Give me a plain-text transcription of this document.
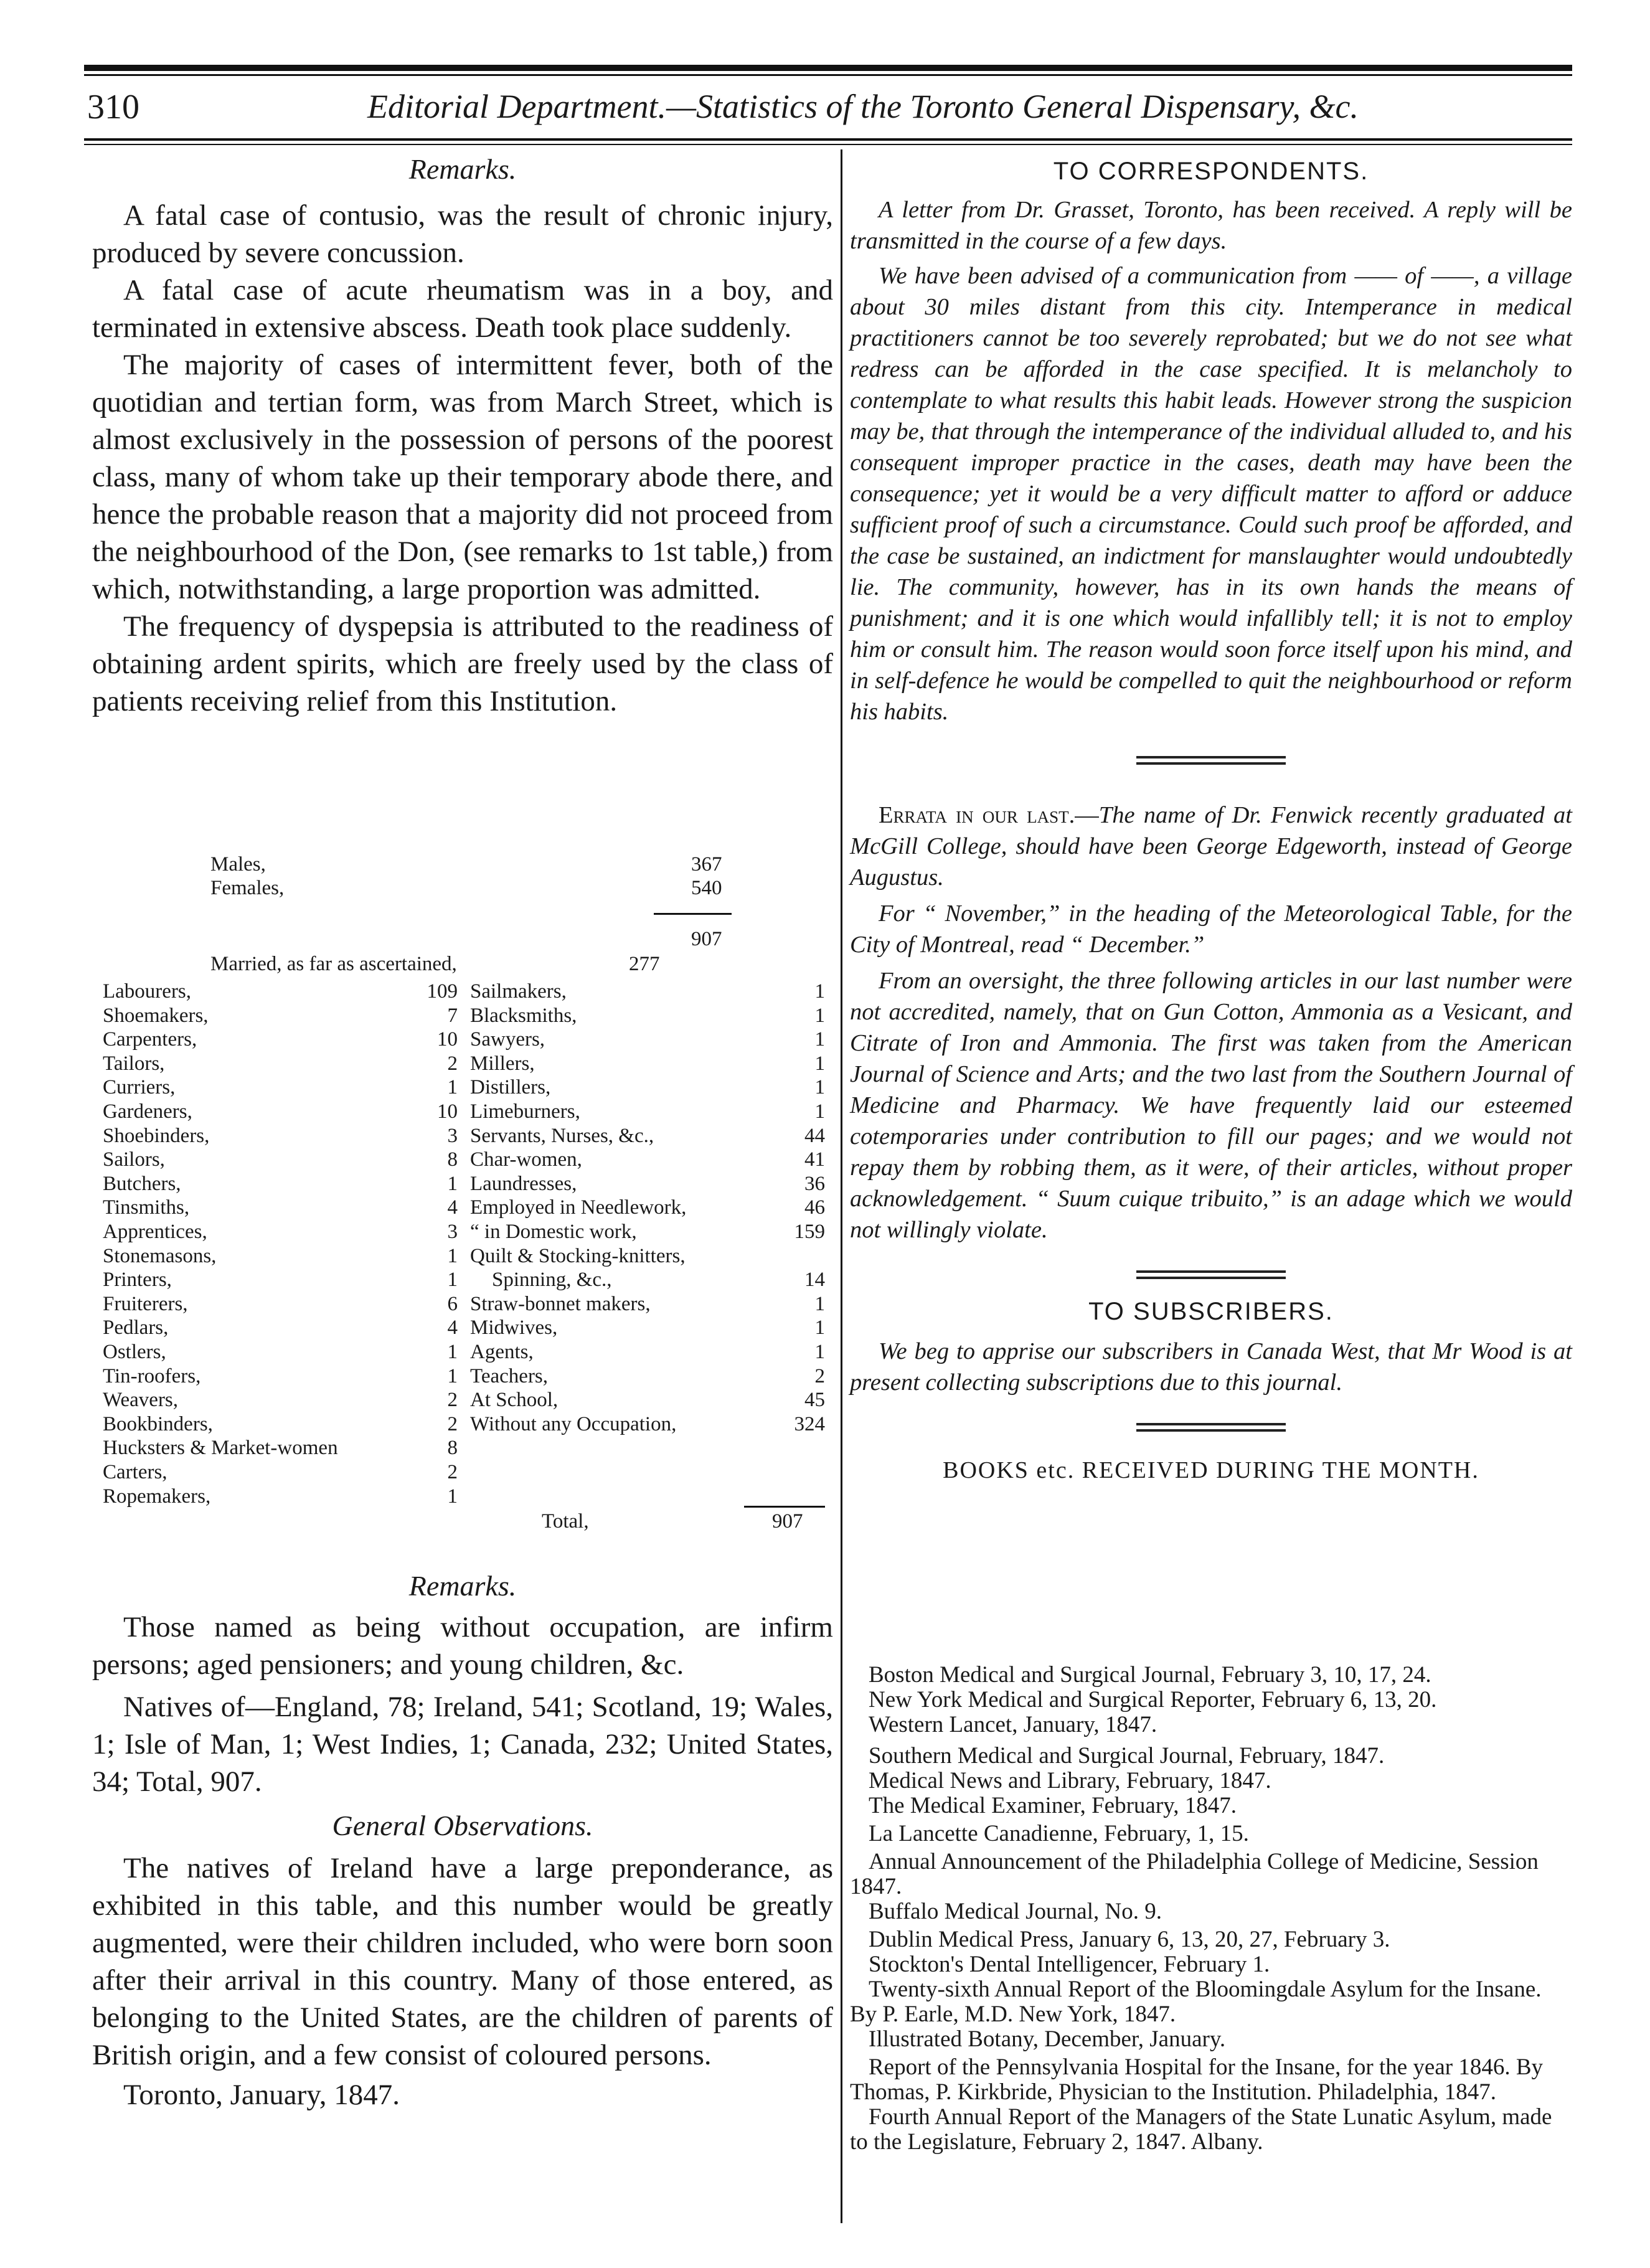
310	Editorial Department.—Statistics of the Toronto General Dispensary, &c.

Remarks.

A fatal case of contusio, was the result of chronic injury, produced by severe concussion.

A fatal case of acute rheumatism was in a boy, and terminated in extensive abscess. Death took place suddenly.

The majority of cases of intermittent fever, both of the quotidian and tertian form, was from March Street, which is almost exclusively in the possession of persons of the poorest class, many of whom take up their temporary abode there, and hence the probable reason that a majority did not proceed from the neighbourhood of the Don, (see remarks to 1st table,) from which, notwithstanding, a large proportion was admitted.

The frequency of dyspepsia is attributed to the readiness of obtaining ardent spirits, which are freely used by the class of patients receiving relief from this Institution.

Males,	367
Females,	540
907
Married, as far as ascertained,	277
Labourers,	109
Shoemakers,	7
Carpenters,	10
Tailors,	2
Curriers,	1
Gardeners,	10
Shoebinders,	3
Sailors,	8
Butchers,	1
Tinsmiths,	4
Apprentices,	3
Stonemasons,	1
Printers,	1
Fruiterers,	6
Pedlars,	4
Ostlers,	1
Tin-roofers,	1
Weavers,	2
Bookbinders,	2
Hucksters & Market-women	8
Carters,	2
Ropemakers,	1
Sailmakers,	1
Blacksmiths,	1
Sawyers,	1
Millers,	1
Distillers,	1
Limeburners,	1
Servants, Nurses, &c.,	44
Char-women,	41
Laundresses,	36
Employed in Needlework,	46
“ in Domestic work,	159
Quilt & Stocking-knitters,
Spinning, &c.,	14
Straw-bonnet makers,	1
Midwives,	1
Agents,	1
Teachers,	2
At School,	45
Without any Occupation,	324
Total,	907

Remarks.

Those named as being without occupation, are infirm persons; aged pensioners; and young children, &c.

Natives of—England, 78; Ireland, 541; Scotland, 19; Wales, 1; Isle of Man, 1; West Indies, 1; Canada, 232; United States, 34; Total, 907.

General Observations.

The natives of Ireland have a large preponderance, as exhibited in this table, and this number would be greatly augmented, were their children included, who were born soon after their arrival in this country. Many of those entered, as belonging to the United States, are the children of parents of British origin, and a few consist of coloured persons.

Toronto, January, 1847.

TO CORRESPONDENTS.

A letter from Dr. Grasset, Toronto, has been received. A reply will be transmitted in the course of a few days.

We have been advised of a communication from —— of ——, a village about 30 miles distant from this city. Intemperance in medical practitioners cannot be too severely reprobated; but we do not see what redress can be afforded in the case specified. It is melancholy to contemplate to what results this habit leads. However strong the suspicion may be, that through the intemperance of the individual alluded to, and his consequent improper practice in the cases, death may have been the consequence; yet it would be a very difficult matter to afford or adduce sufficient proof of such a circumstance. Could such proof be afforded, and the case be sustained, an indictment for manslaughter would undoubtedly lie. The community, however, has in its own hands the means of punishment; and it is one which would infallibly tell; it is not to employ him or consult him. The reason would soon force itself upon his mind, and in self-defence he would be compelled to quit the neighbourhood or reform his habits.

Errata in our last.—The name of Dr. Fenwick recently graduated at McGill College, should have been George Edgeworth, instead of George Augustus.

For “ November,” in the heading of the Meteorological Table, for the City of Montreal, read “ December.”

From an oversight, the three following articles in our last number were not accredited, namely, that on Gun Cotton, Ammonia as a Vesicant, and Citrate of Iron and Ammonia. The first was taken from the American Journal of Science and Arts; and the two last from the Southern Journal of Medicine and Pharmacy. We have frequently laid our esteemed cotemporaries under contribution to fill our pages; and we would not repay them by robbing them, as it were, of their articles, without proper acknowledgement. “ Suum cuique tribuito,” is an adage which we would not willingly violate.

TO SUBSCRIBERS.

We beg to apprise our subscribers in Canada West, that Mr Wood is at present collecting subscriptions due to this journal.

BOOKS etc. RECEIVED DURING THE MONTH.

Boston Medical and Surgical Journal, February 3, 10, 17, 24.
New York Medical and Surgical Reporter, February 6, 13, 20.
Western Lancet, January, 1847.
Southern Medical and Surgical Journal, February, 1847.
Medical News and Library, February, 1847.
The Medical Examiner, February, 1847.
La Lancette Canadienne, February, 1, 15.
Annual Announcement of the Philadelphia College of Medicine, Session 1847.
Buffalo Medical Journal, No. 9.
Dublin Medical Press, January 6, 13, 20, 27, February 3.
Stockton's Dental Intelligencer, February 1.
Twenty-sixth Annual Report of the Bloomingdale Asylum for the Insane. By P. Earle, M.D. New York, 1847.
Illustrated Botany, December, January.
Report of the Pennsylvania Hospital for the Insane, for the year 1846. By Thomas, P. Kirkbride, Physician to the Institution. Philadelphia, 1847.
Fourth Annual Report of the Managers of the State Lunatic Asylum, made to the Legislature, February 2, 1847. Albany.
